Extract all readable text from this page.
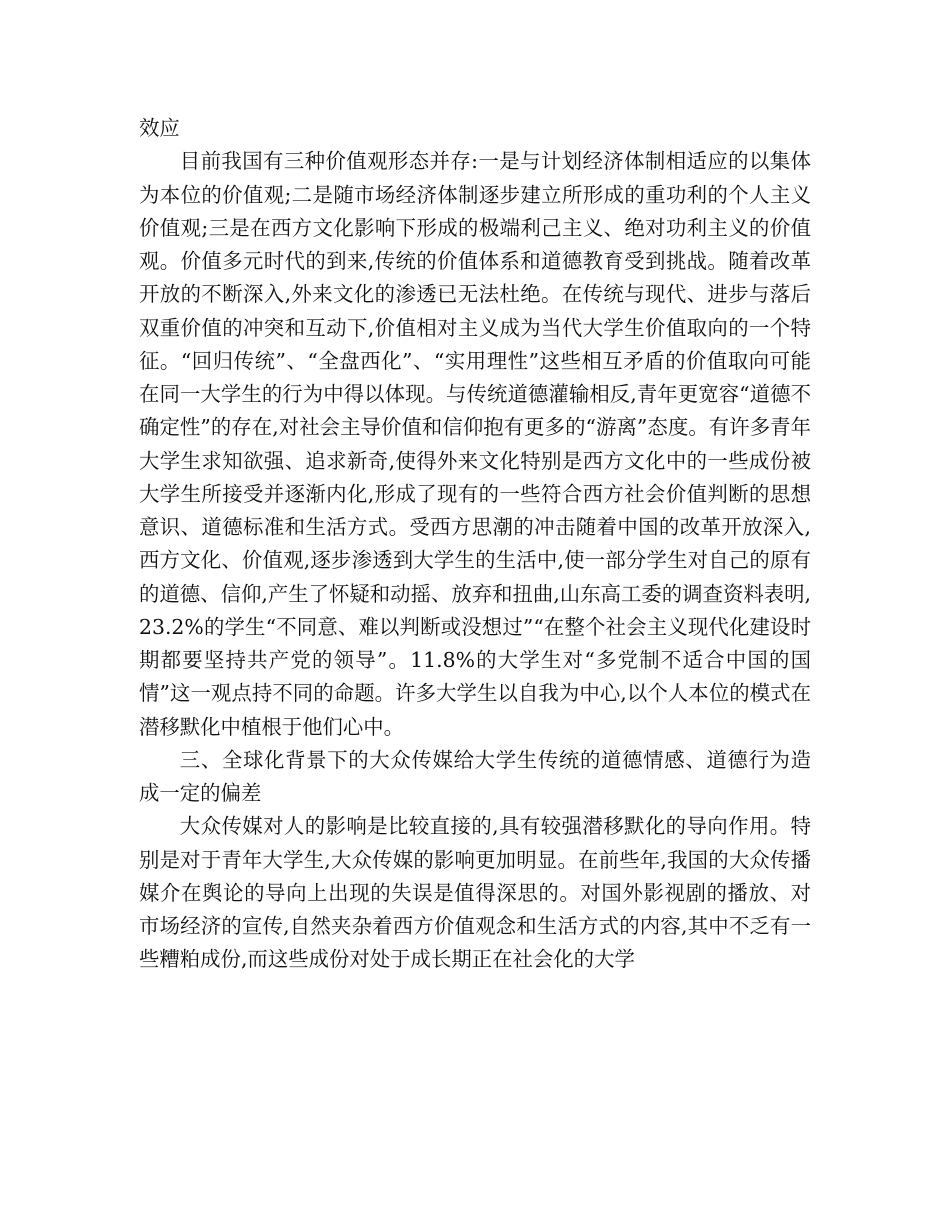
效应

目前我国有三种价值观形态并存:一是与计划经济体制相适应的以集体为本位的价值观;二是随市场经济体制逐步建立所形成的重功利的个人主义价值观;三是在西方文化影响下形成的极端利己主义、绝对功利主义的价值观。价值多元时代的到来,传统的价值体系和道德教育受到挑战。随着改革开放的不断深入,外来文化的渗透已无法杜绝。在传统与现代、进步与落后双重价值的冲突和互动下,价值相对主义成为当代大学生价值取向的一个特征。“回归传统”、“全盘西化”、“实用理性”这些相互矛盾的价值取向可能在同一大学生的行为中得以体现。与传统道德灌输相反,青年更宽容“道德不确定性”的存在,对社会主导价值和信仰抱有更多的“游离”态度。有许多青年大学生求知欲强、追求新奇,使得外来文化特别是西方文化中的一些成份被大学生所接受并逐渐内化,形成了现有的一些符合西方社会价值判断的思想意识、道德标准和生活方式。受西方思潮的冲击随着中国的改革开放深入,西方文化、价值观,逐步渗透到大学生的生活中,使一部分学生对自己的原有的道德、信仰,产生了怀疑和动摇、放弃和扭曲,山东高工委的调查资料表明,23.2%的学生“不同意、难以判断或没想过”“在整个社会主义现代化建设时期都要坚持共产党的领导”。11.8%的大学生对“多党制不适合中国的国情”这一观点持不同的命题。许多大学生以自我为中心,以个人本位的模式在潜移默化中植根于他们心中。

三、全球化背景下的大众传媒给大学生传统的道德情感、道德行为造成一定的偏差

大众传媒对人的影响是比较直接的,具有较强潜移默化的导向作用。特别是对于青年大学生,大众传媒的影响更加明显。在前些年,我国的大众传播媒介在舆论的导向上出现的失误是值得深思的。对国外影视剧的播放、对市场经济的宣传,自然夹杂着西方价值观念和生活方式的内容,其中不乏有一些糟粕成份,而这些成份对处于成长期正在社会化的大学
